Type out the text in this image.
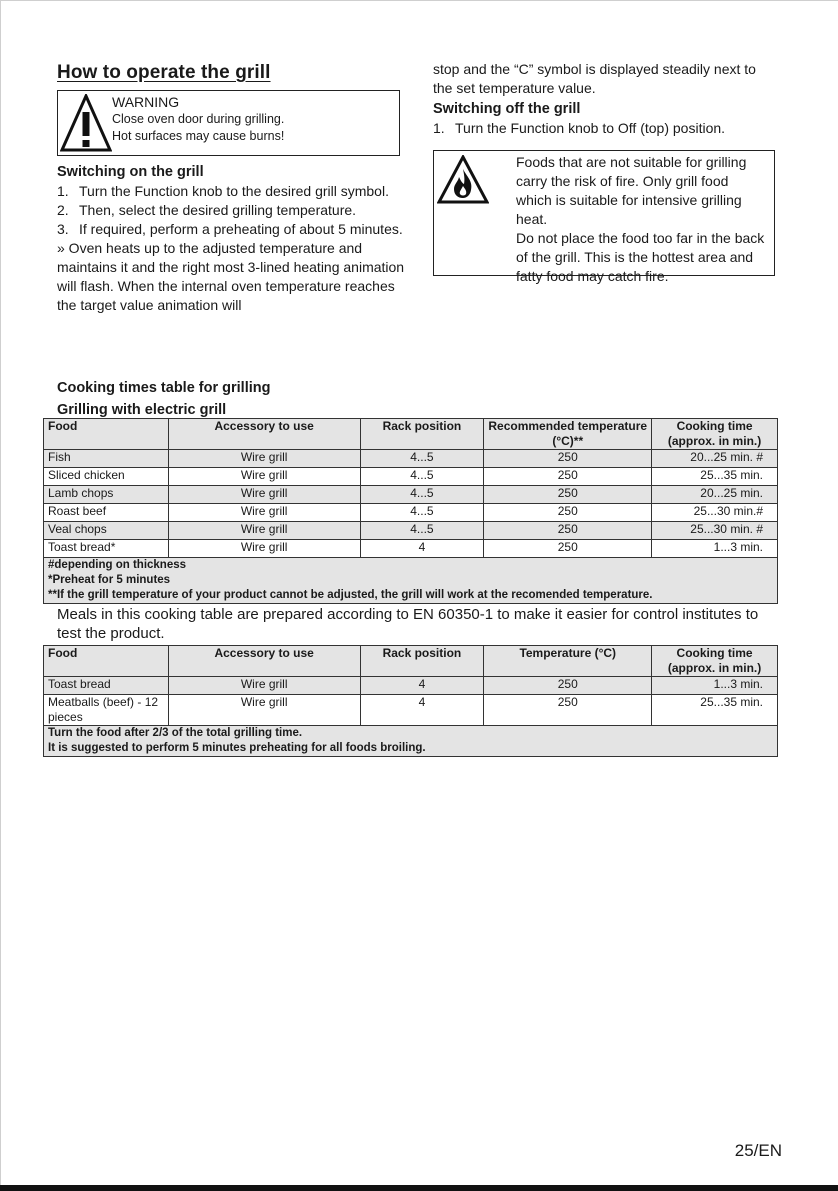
How to operate the grill
WARNING
Close oven door during grilling.
Hot surfaces may cause burns!
Switching on the grill
1. Turn the Function knob to the desired grill symbol.
2. Then, select the desired grilling temperature.
3. If required, perform a preheating of about 5 minutes.

» Oven heats up to the adjusted temperature and maintains it and the right most 3-lined heating animation will flash. When the internal oven temperature reaches the target value animation will

stop and the “C” symbol is displayed steadily next to the set temperature value.

Switching off the grill
1. Turn the Function knob to Off (top) position.
Foods that are not suitable for grilling carry the risk of fire. Only grill food which is suitable for intensive grilling heat.
Do not place the food too far in the back of the grill. This is the hottest area and fatty food may catch fire.
Cooking times table for grilling
Grilling with electric grill
Food	Accessory to use	Rack position	Recommended temperature (°C)**	Cooking time (approx. in min.)
Fish	Wire grill	4...5	250	20...25 min. #
Sliced chicken	Wire grill	4...5	250	25...35 min.
Lamb chops	Wire grill	4...5	250	20...25 min.
Roast beef	Wire grill	4...5	250	25...30 min.#
Veal chops	Wire grill	4...5	250	25...30 min. #
Toast bread*	Wire grill	4	250	1...3 min.

#depending on thickness
*Preheat for 5 minutes
**If the grill temperature of your product cannot be adjusted, the grill will work at the recomended temperature.				

Meals in this cooking table are prepared according to EN 60350-1 to make it easier for control institutes to test the product.

Food	Accessory to use	Rack position	Temperature (°C)	Cooking time (approx. in min.)
Toast bread	Wire grill	4	250	1...3 min.
Meatballs (beef) - 12 pieces	Wire grill	4	250	25...35 min.

Turn the food after 2/3 of the total grilling time.
It is suggested to perform 5 minutes preheating for all foods broiling.				
25/EN
